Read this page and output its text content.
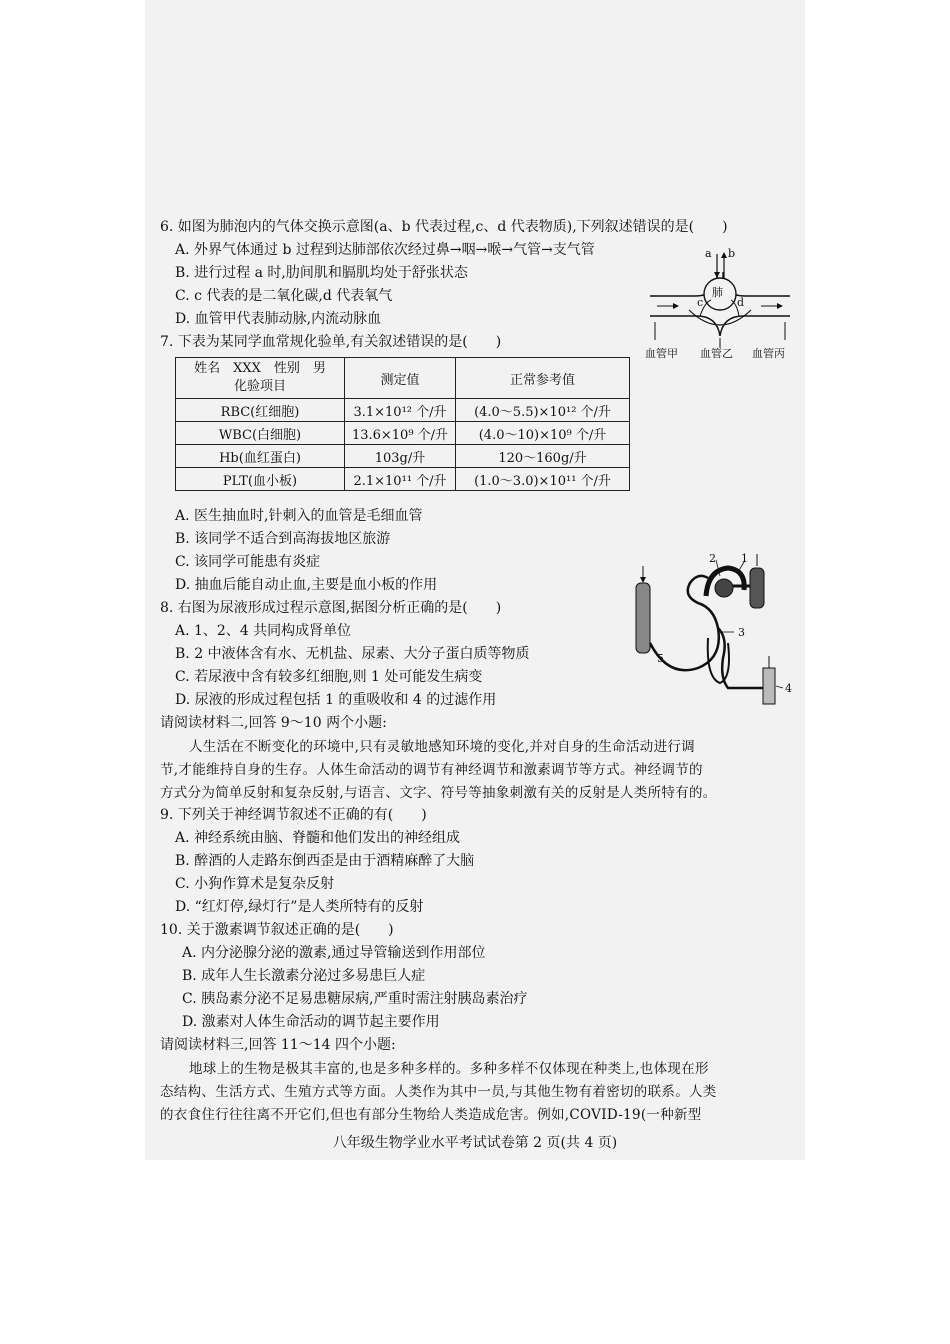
6. 如图为肺泡内的气体交换示意图(a、b 代表过程,c、d 代表物质),下列叙述错误的是(　　)
A. 外界气体通过 b 过程到达肺部依次经过鼻→咽→喉→气管→支气管
B. 进行过程 a 时,肋间肌和膈肌均处于舒张状态
C. c 代表的是二氧化碳,d 代表氧气
D. 血管甲代表肺动脉,内流动脉血
a b
肺
c	d
血管甲 血管乙 血管丙
7. 下表为某同学血常规化验单,有关叙述错误的是(　　)
姓名　XXX　性别　男
化验项目	测定值	正常参考值
RBC(红细胞)	3.1×10¹² 个/升	(4.0～5.5)×10¹² 个/升
WBC(白细胞)	13.6×10⁹ 个/升	(4.0～10)×10⁹ 个/升
Hb(血红蛋白)	103g/升	120～160g/升
PLT(血小板)	2.1×10¹¹ 个/升	(1.0～3.0)×10¹¹ 个/升
A. 医生抽血时,针刺入的血管是毛细血管
B. 该同学不适合到高海拔地区旅游
C. 该同学可能患有炎症
D. 抽血后能自动止血,主要是血小板的作用
1
2
3
4
5
8. 右图为尿液形成过程示意图,据图分析正确的是(　　)
A. 1、2、4 共同构成肾单位
B. 2 中液体含有水、无机盐、尿素、大分子蛋白质等物质
C. 若尿液中含有较多红细胞,则 1 处可能发生病变
D. 尿液的形成过程包括 1 的重吸收和 4 的过滤作用
请阅读材料二,回答 9～10 两个小题:
人生活在不断变化的环境中,只有灵敏地感知环境的变化,并对自身的生命活动进行调
节,才能维持自身的生存。人体生命活动的调节有神经调节和激素调节等方式。神经调节的
方式分为简单反射和复杂反射,与语言、文字、符号等抽象刺激有关的反射是人类所特有的。
9. 下列关于神经调节叙述不正确的有(　　)
A. 神经系统由脑、脊髓和他们发出的神经组成
B. 醉酒的人走路东倒西歪是由于酒精麻醉了大脑
C. 小狗作算术是复杂反射
D. “红灯停,绿灯行”是人类所特有的反射
10. 关于激素调节叙述正确的是(　　)
A. 内分泌腺分泌的激素,通过导管输送到作用部位
B. 成年人生长激素分泌过多易患巨人症
C. 胰岛素分泌不足易患糖尿病,严重时需注射胰岛素治疗
D. 激素对人体生命活动的调节起主要作用
请阅读材料三,回答 11～14 四个小题:
地球上的生物是极其丰富的,也是多种多样的。多种多样不仅体现在种类上,也体现在形
态结构、生活方式、生殖方式等方面。人类作为其中一员,与其他生物有着密切的联系。人类
的衣食住行往往离不开它们,但也有部分生物给人类造成危害。例如,COVID-19(一种新型
八年级生物学业水平考试试卷第 2 页(共 4 页)
